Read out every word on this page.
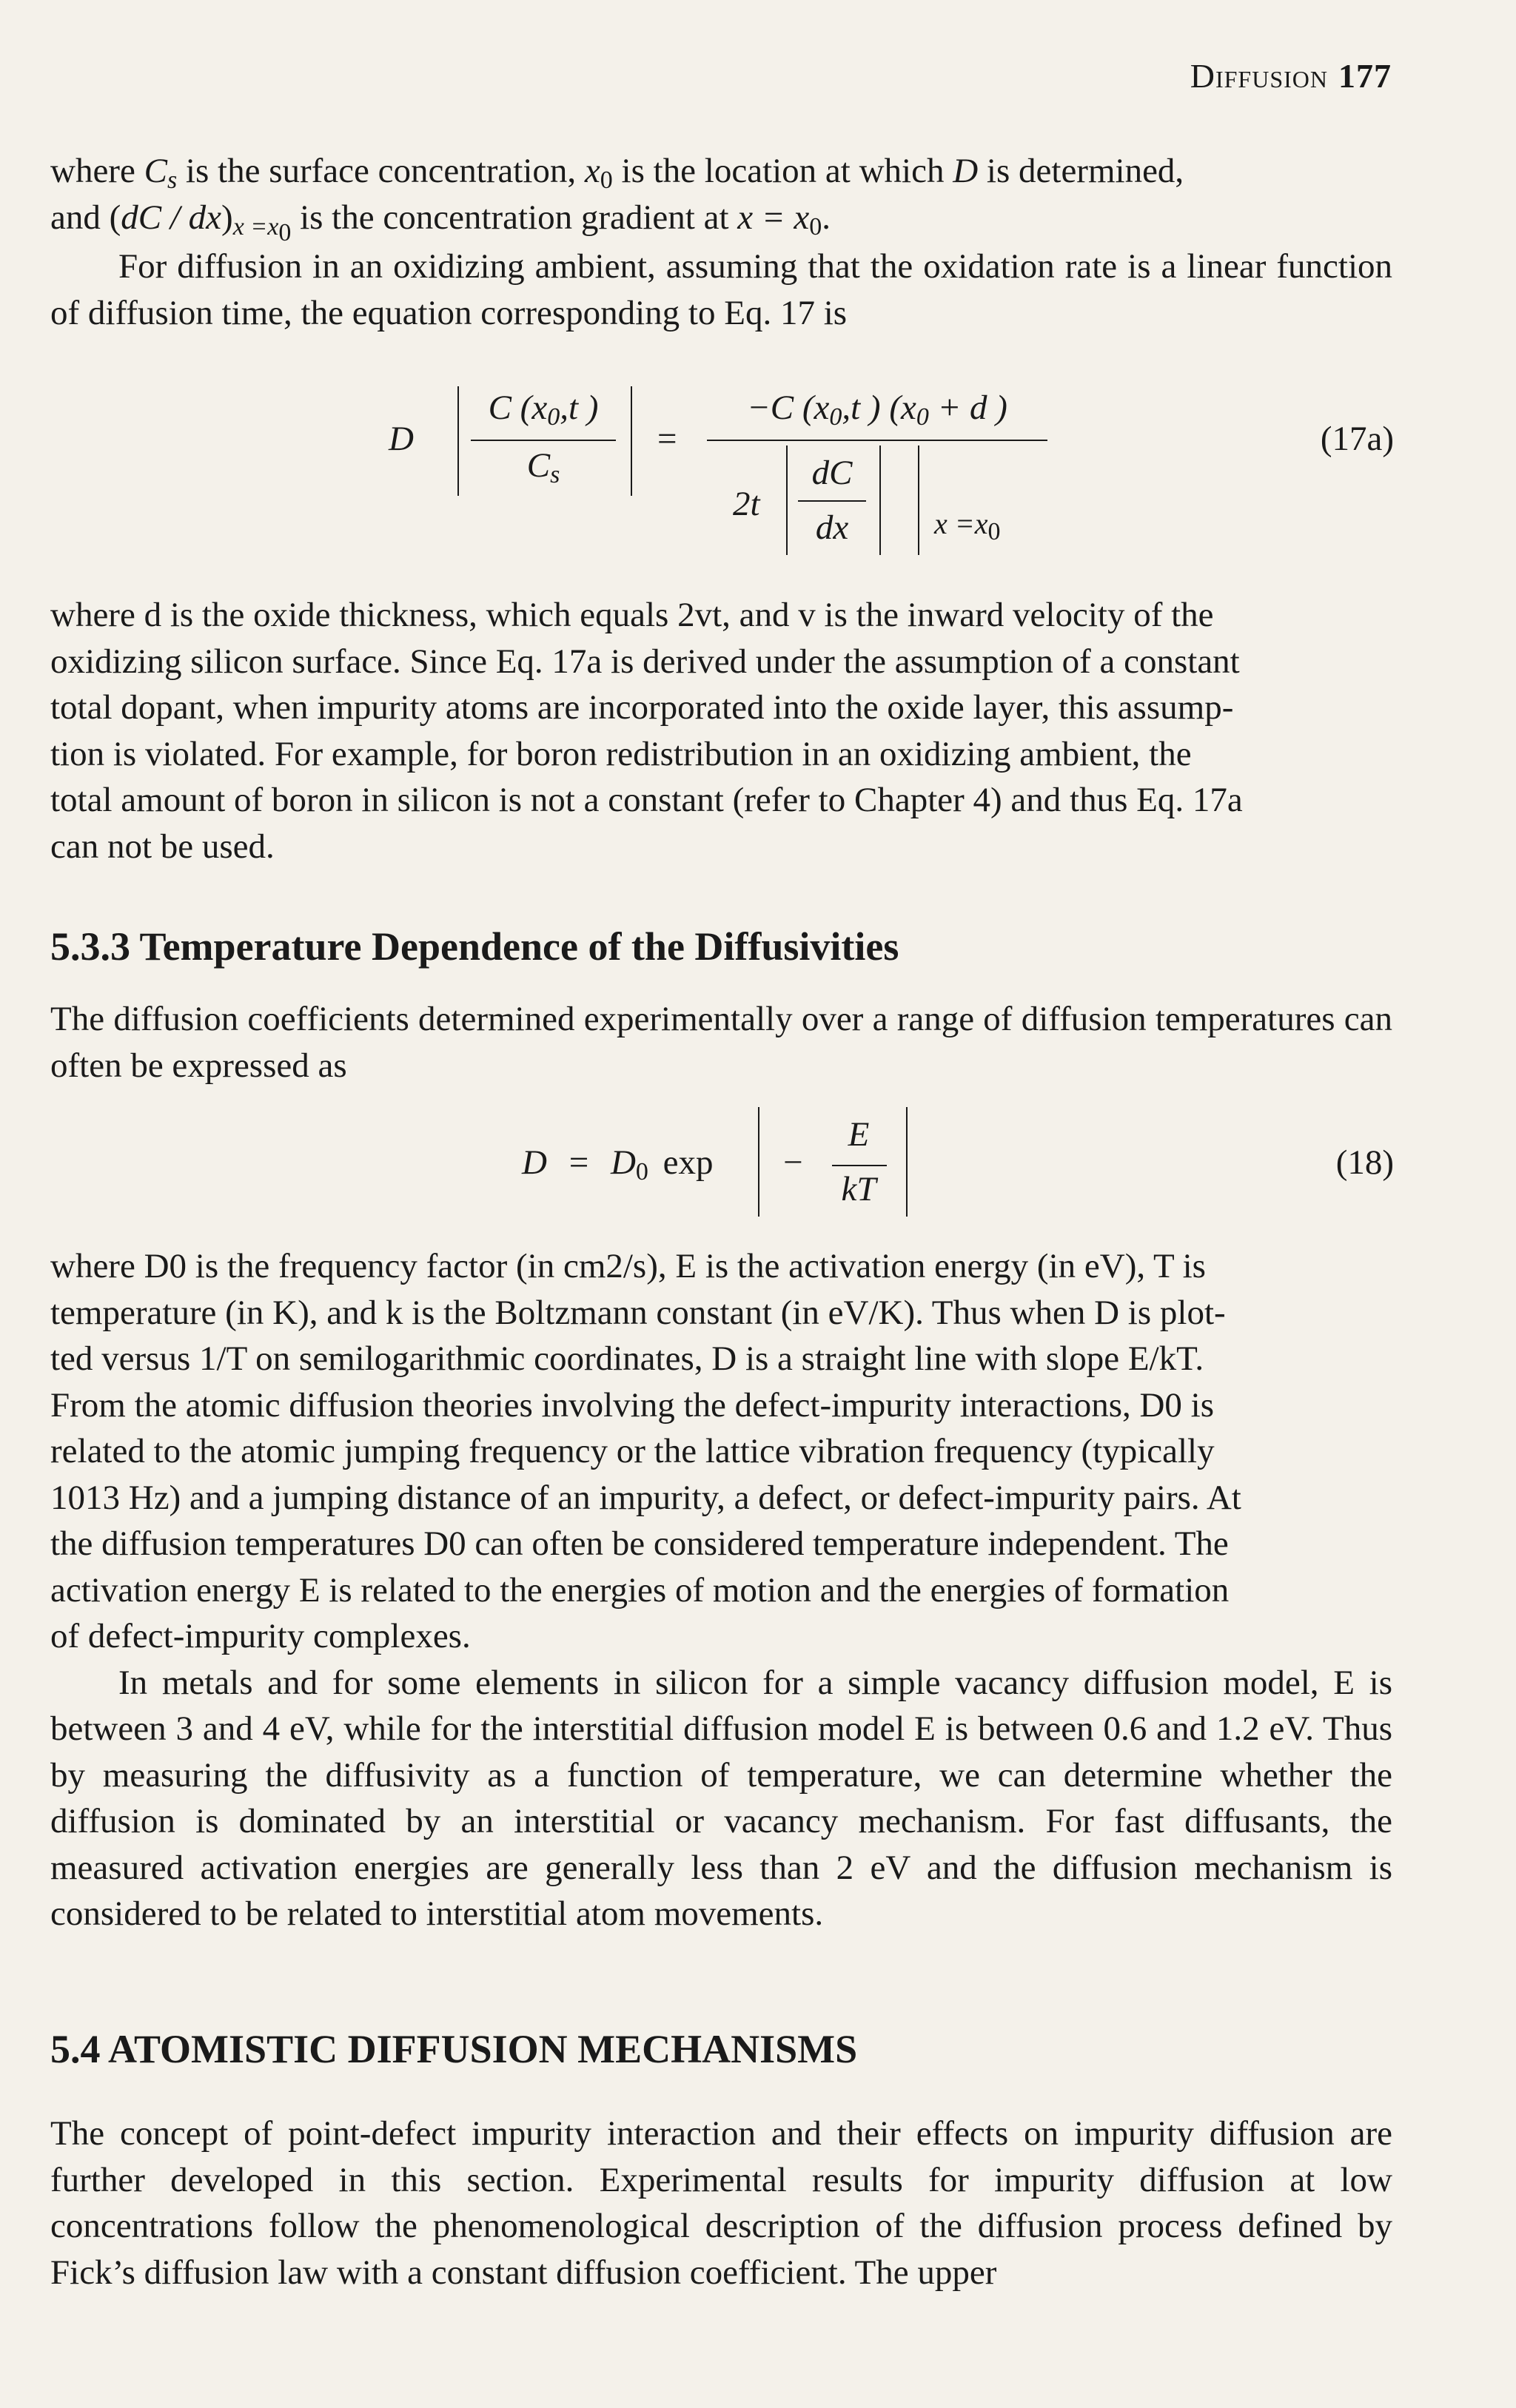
Diffusion 177

where $C_s$ is the surface concentration, $x_0$ is the location at which D is determined,

and $(dC / dx)_{x =x_0}$ is the concentration gradient at $x = x_0$.

For diffusion in an oxidizing ambient, assuming that the oxidation rate is a linear function of diffusion time, the equation corresponding to Eq. 17 is

D
C ($x_0,t$ )
$C_s$
=
−C ($x_0,t$ ) ($x_0 + d$ )
2t
dC
dx	$x =x_0$
(17a)

where d is the oxide thickness, which equals 2vt, and v is the inward velocity of the

oxidizing silicon surface. Since Eq. 17a is derived under the assumption of a constant

total dopant, when impurity atoms are incorporated into the oxide layer, this assump-

tion is violated. For example, for boron redistribution in an oxidizing ambient, the

total amount of boron in silicon is not a constant (refer to Chapter 4) and thus Eq. 17a

can not be used.

5.3.3 Temperature Dependence of the Diffusivities
The diffusion coefficients determined experimentally over a range of diffusion temperatures can often be expressed as
$D = D_0$ exp −
E
kT
(18)

where D0 is the frequency factor (in cm2/s), E is the activation energy (in eV), T is

temperature (in K), and k is the Boltzmann constant (in eV/K). Thus when D is plot-

ted versus 1/T on semilogarithmic coordinates, D is a straight line with slope E/kT.

From the atomic diffusion theories involving the defect-impurity interactions, D0 is

related to the atomic jumping frequency or the lattice vibration frequency (typically

1013 Hz) and a jumping distance of an impurity, a defect, or defect-impurity pairs. At

the diffusion temperatures D0 can often be considered temperature independent. The

activation energy E is related to the energies of motion and the energies of formation

of defect-impurity complexes.

In metals and for some elements in silicon for a simple vacancy diffusion model, E is between 3 and 4 eV, while for the interstitial diffusion model E is between 0.6 and 1.2 eV. Thus by measuring the diffusivity as a function of temperature, we can determine whether the diffusion is dominated by an interstitial or vacancy mechanism. For fast diffusants, the measured activation energies are generally less than 2 eV and the diffusion mechanism is considered to be related to interstitial atom movements.

5.4 ATOMISTIC DIFFUSION MECHANISMS
The concept of point-defect impurity interaction and their effects on impurity diffusion are further developed in this section. Experimental results for impurity diffusion at low concentrations follow the phenomenological description of the diffusion process defined by Fick’s diffusion law with a constant diffusion coefficient. The upper
